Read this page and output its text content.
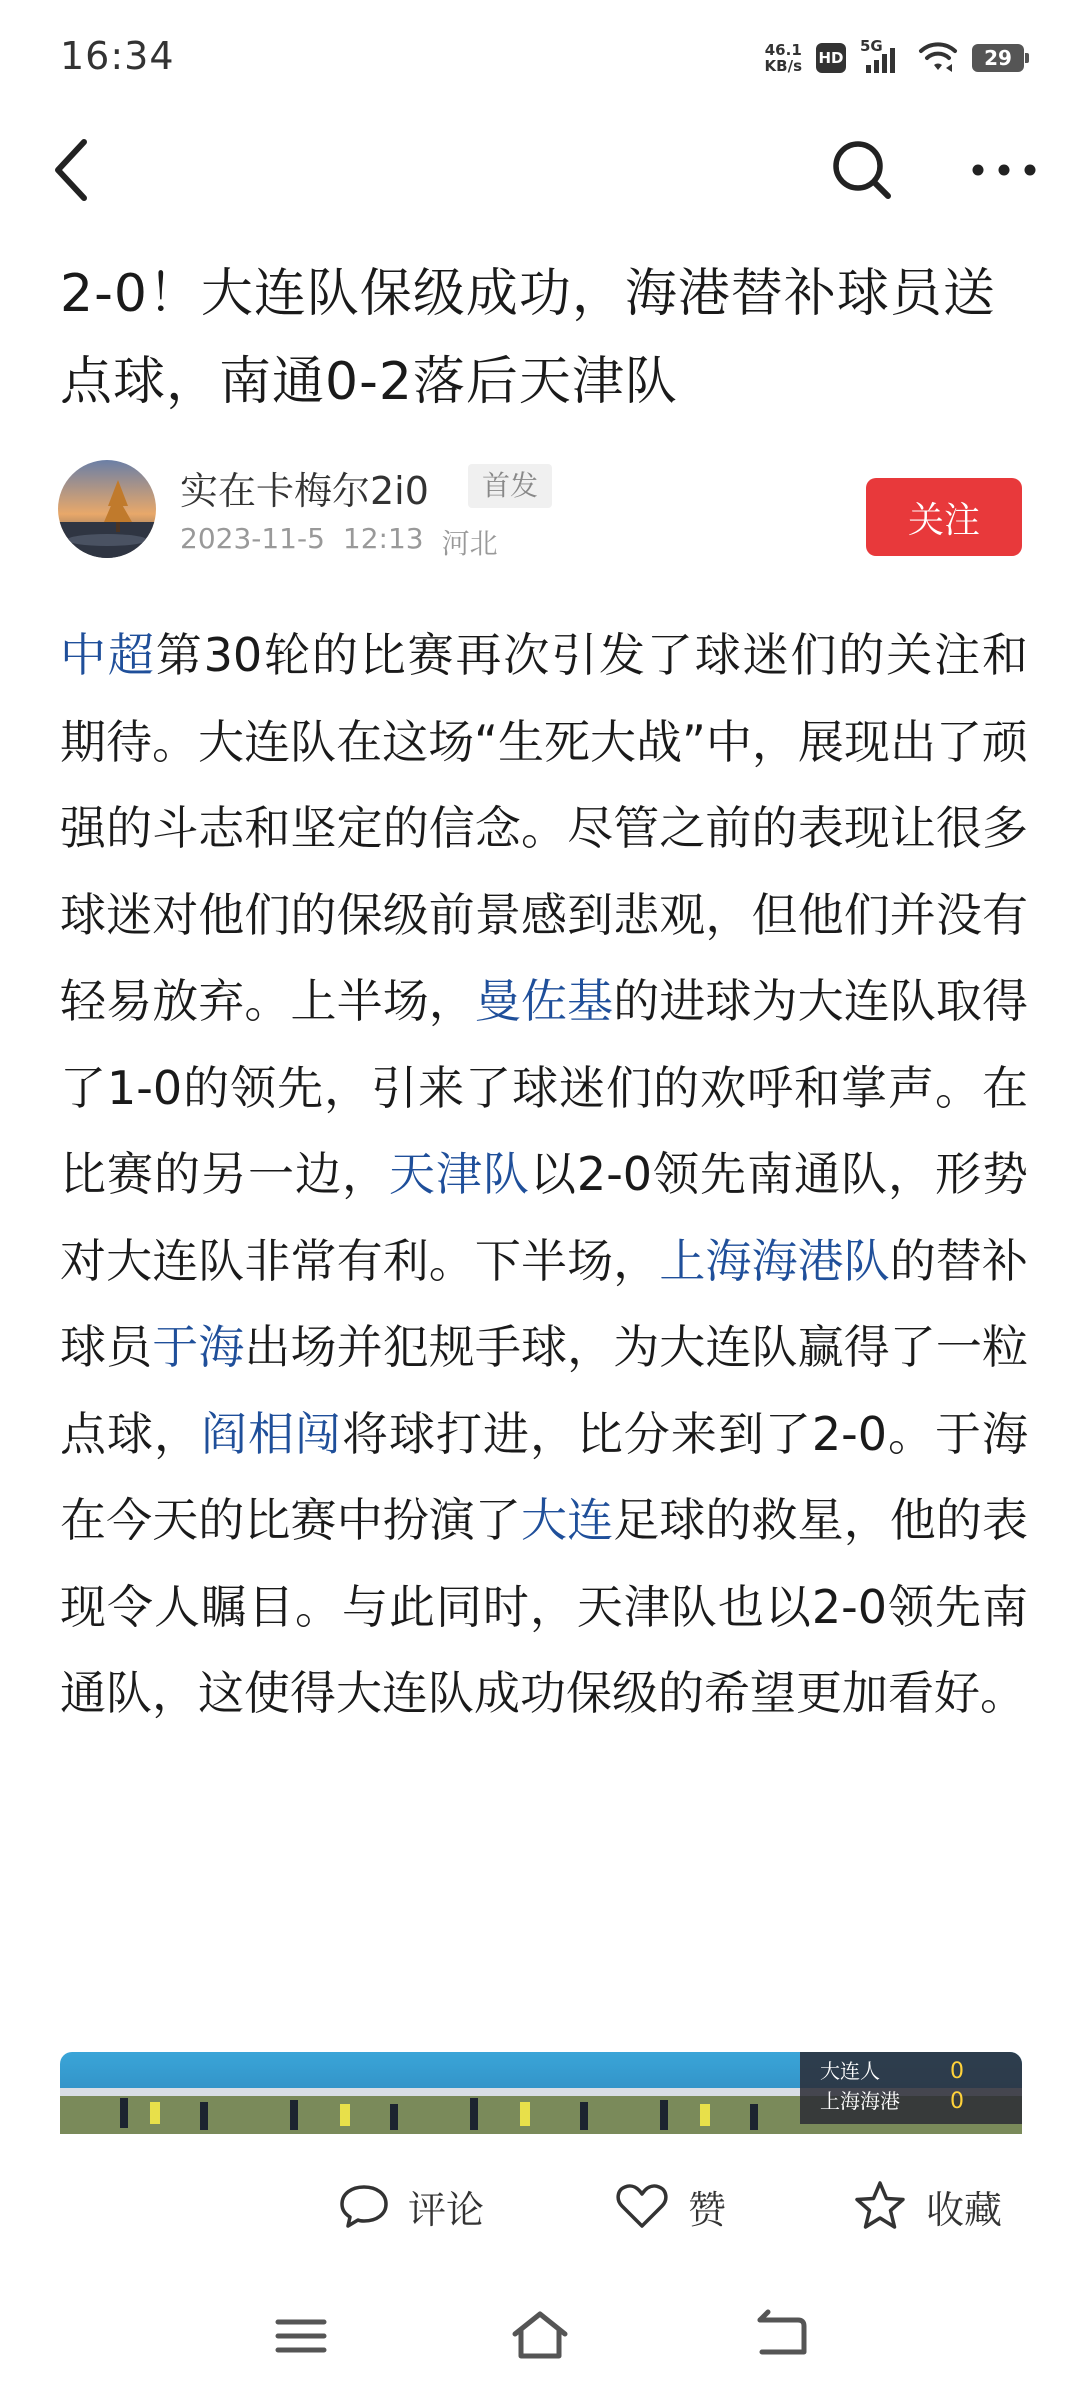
16:34	46.1
KB/s HD
5G	29
2-0！大连队保级成功，海港替补球员送点球，南通0-2落后天津队
实在卡梅尔2i0	首发
2023-11-5 12:13 河北
关注
中超第30轮的比赛再次引发了球迷们的关注和期待。大连队在这场“生死大战”中，展现出了顽强的斗志和坚定的信念。尽管之前的表现让很多球迷对他们的保级前景感到悲观，但他们并没有轻易放弃。上半场，曼佐基的进球为大连队取得了1-0的领先，引来了球迷们的欢呼和掌声。在比赛的另一边，天津队以2-0领先南通队，形势对大连队非常有利。下半场，上海海港队的替补球员于海出场并犯规手球，为大连队赢得了一粒点球，阎相闯将球打进，比分来到了2-0。于海在今天的比赛中扮演了大连足球的救星，他的表现令人瞩目。与此同时，天津队也以2-0领先南通队，这使得大连队成功保级的希望更加看好。
大连人	0
上海海港 0
评论	赞	收藏
